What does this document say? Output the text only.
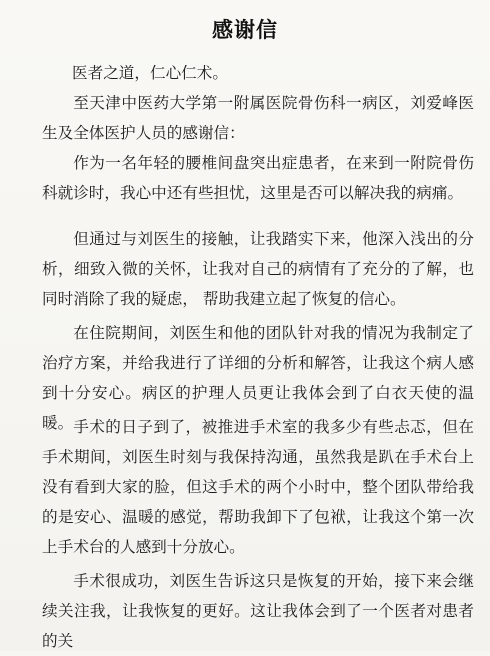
感谢信

医者之道，仁心仁术。

至天津中医药大学第一附属医院骨伤科一病区，刘爱峰医生及全体医护人员的感谢信：

作为一名年轻的腰椎间盘突出症患者，在来到一附院骨伤科就诊时，我心中还有些担忧，这里是否可以解决我的病痛。

但通过与刘医生的接触，让我踏实下来，他深入浅出的分析，细致入微的关怀，让我对自己的病情有了充分的了解，也同时消除了我的疑虑， 帮助我建立起了恢复的信心。

在住院期间，刘医生和他的团队针对我的情况为我制定了治疗方案，并给我进行了详细的分析和解答，让我这个病人感到十分安心。病区的护理人员更让我体会到了白衣天使的温暖。 手术的日子到了，被推进手术室的我多少有些忐忑，但在手术期间，刘医生时刻与我保持沟通，虽然我是趴在手术台上没有看到大家的脸，但这手术的两个小时中，整个团队带给我的是安心、温暖的感觉，帮助我卸下了包袱，让我这个第一次上手术台的人感到十分放心。

手术很成功，刘医生告诉这只是恢复的开始，接下来会继续关注我，让我恢复的更好。这让我体会到了一个医者对患者的关
